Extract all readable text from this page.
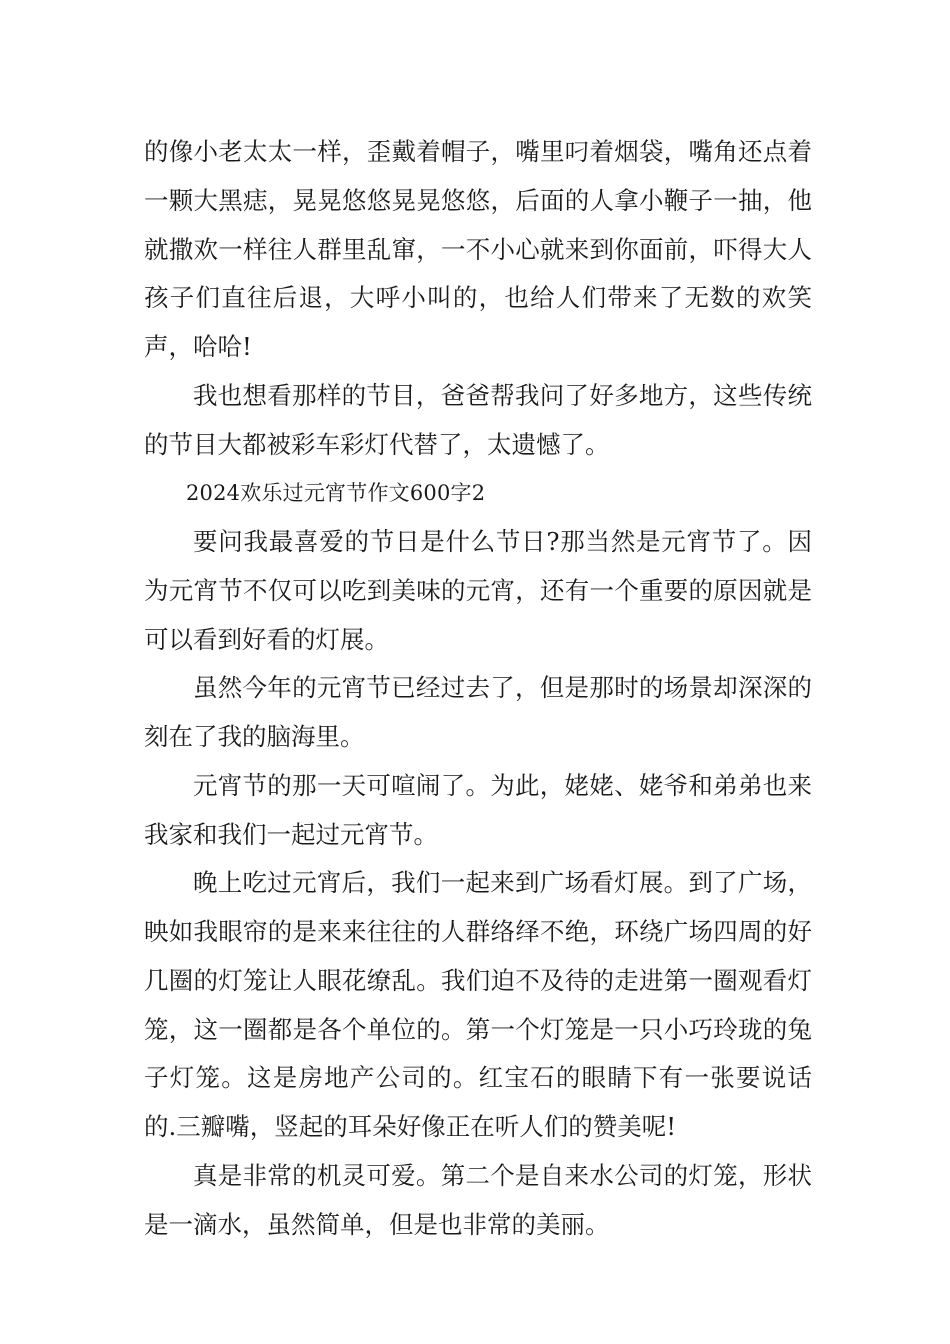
的像小老太太一样，歪戴着帽子，嘴里叼着烟袋，嘴角还点着一颗大黑痣，晃晃悠悠晃晃悠悠，后面的人拿小鞭子一抽，他就撒欢一样往人群里乱窜，一不小心就来到你面前，吓得大人孩子们直往后退，大呼小叫的，也给人们带来了无数的欢笑声，哈哈!

我也想看那样的节目，爸爸帮我问了好多地方，这些传统的节目大都被彩车彩灯代替了，太遗憾了。

2024欢乐过元宵节作文600字2

要问我最喜爱的节日是什么节日?那当然是元宵节了。因为元宵节不仅可以吃到美味的元宵，还有一个重要的原因就是可以看到好看的灯展。

虽然今年的元宵节已经过去了，但是那时的场景却深深的刻在了我的脑海里。

元宵节的那一天可喧闹了。为此，姥姥、姥爷和弟弟也来我家和我们一起过元宵节。

晚上吃过元宵后，我们一起来到广场看灯展。到了广场，映如我眼帘的是来来往往的人群络绎不绝，环绕广场四周的好几圈的灯笼让人眼花缭乱。我们迫不及待的走进第一圈观看灯笼，这一圈都是各个单位的。第一个灯笼是一只小巧玲珑的兔子灯笼。这是房地产公司的。红宝石的眼睛下有一张要说话的.三瓣嘴，竖起的耳朵好像正在听人们的赞美呢!

真是非常的机灵可爱。第二个是自来水公司的灯笼，形状是一滴水，虽然简单，但是也非常的美丽。
